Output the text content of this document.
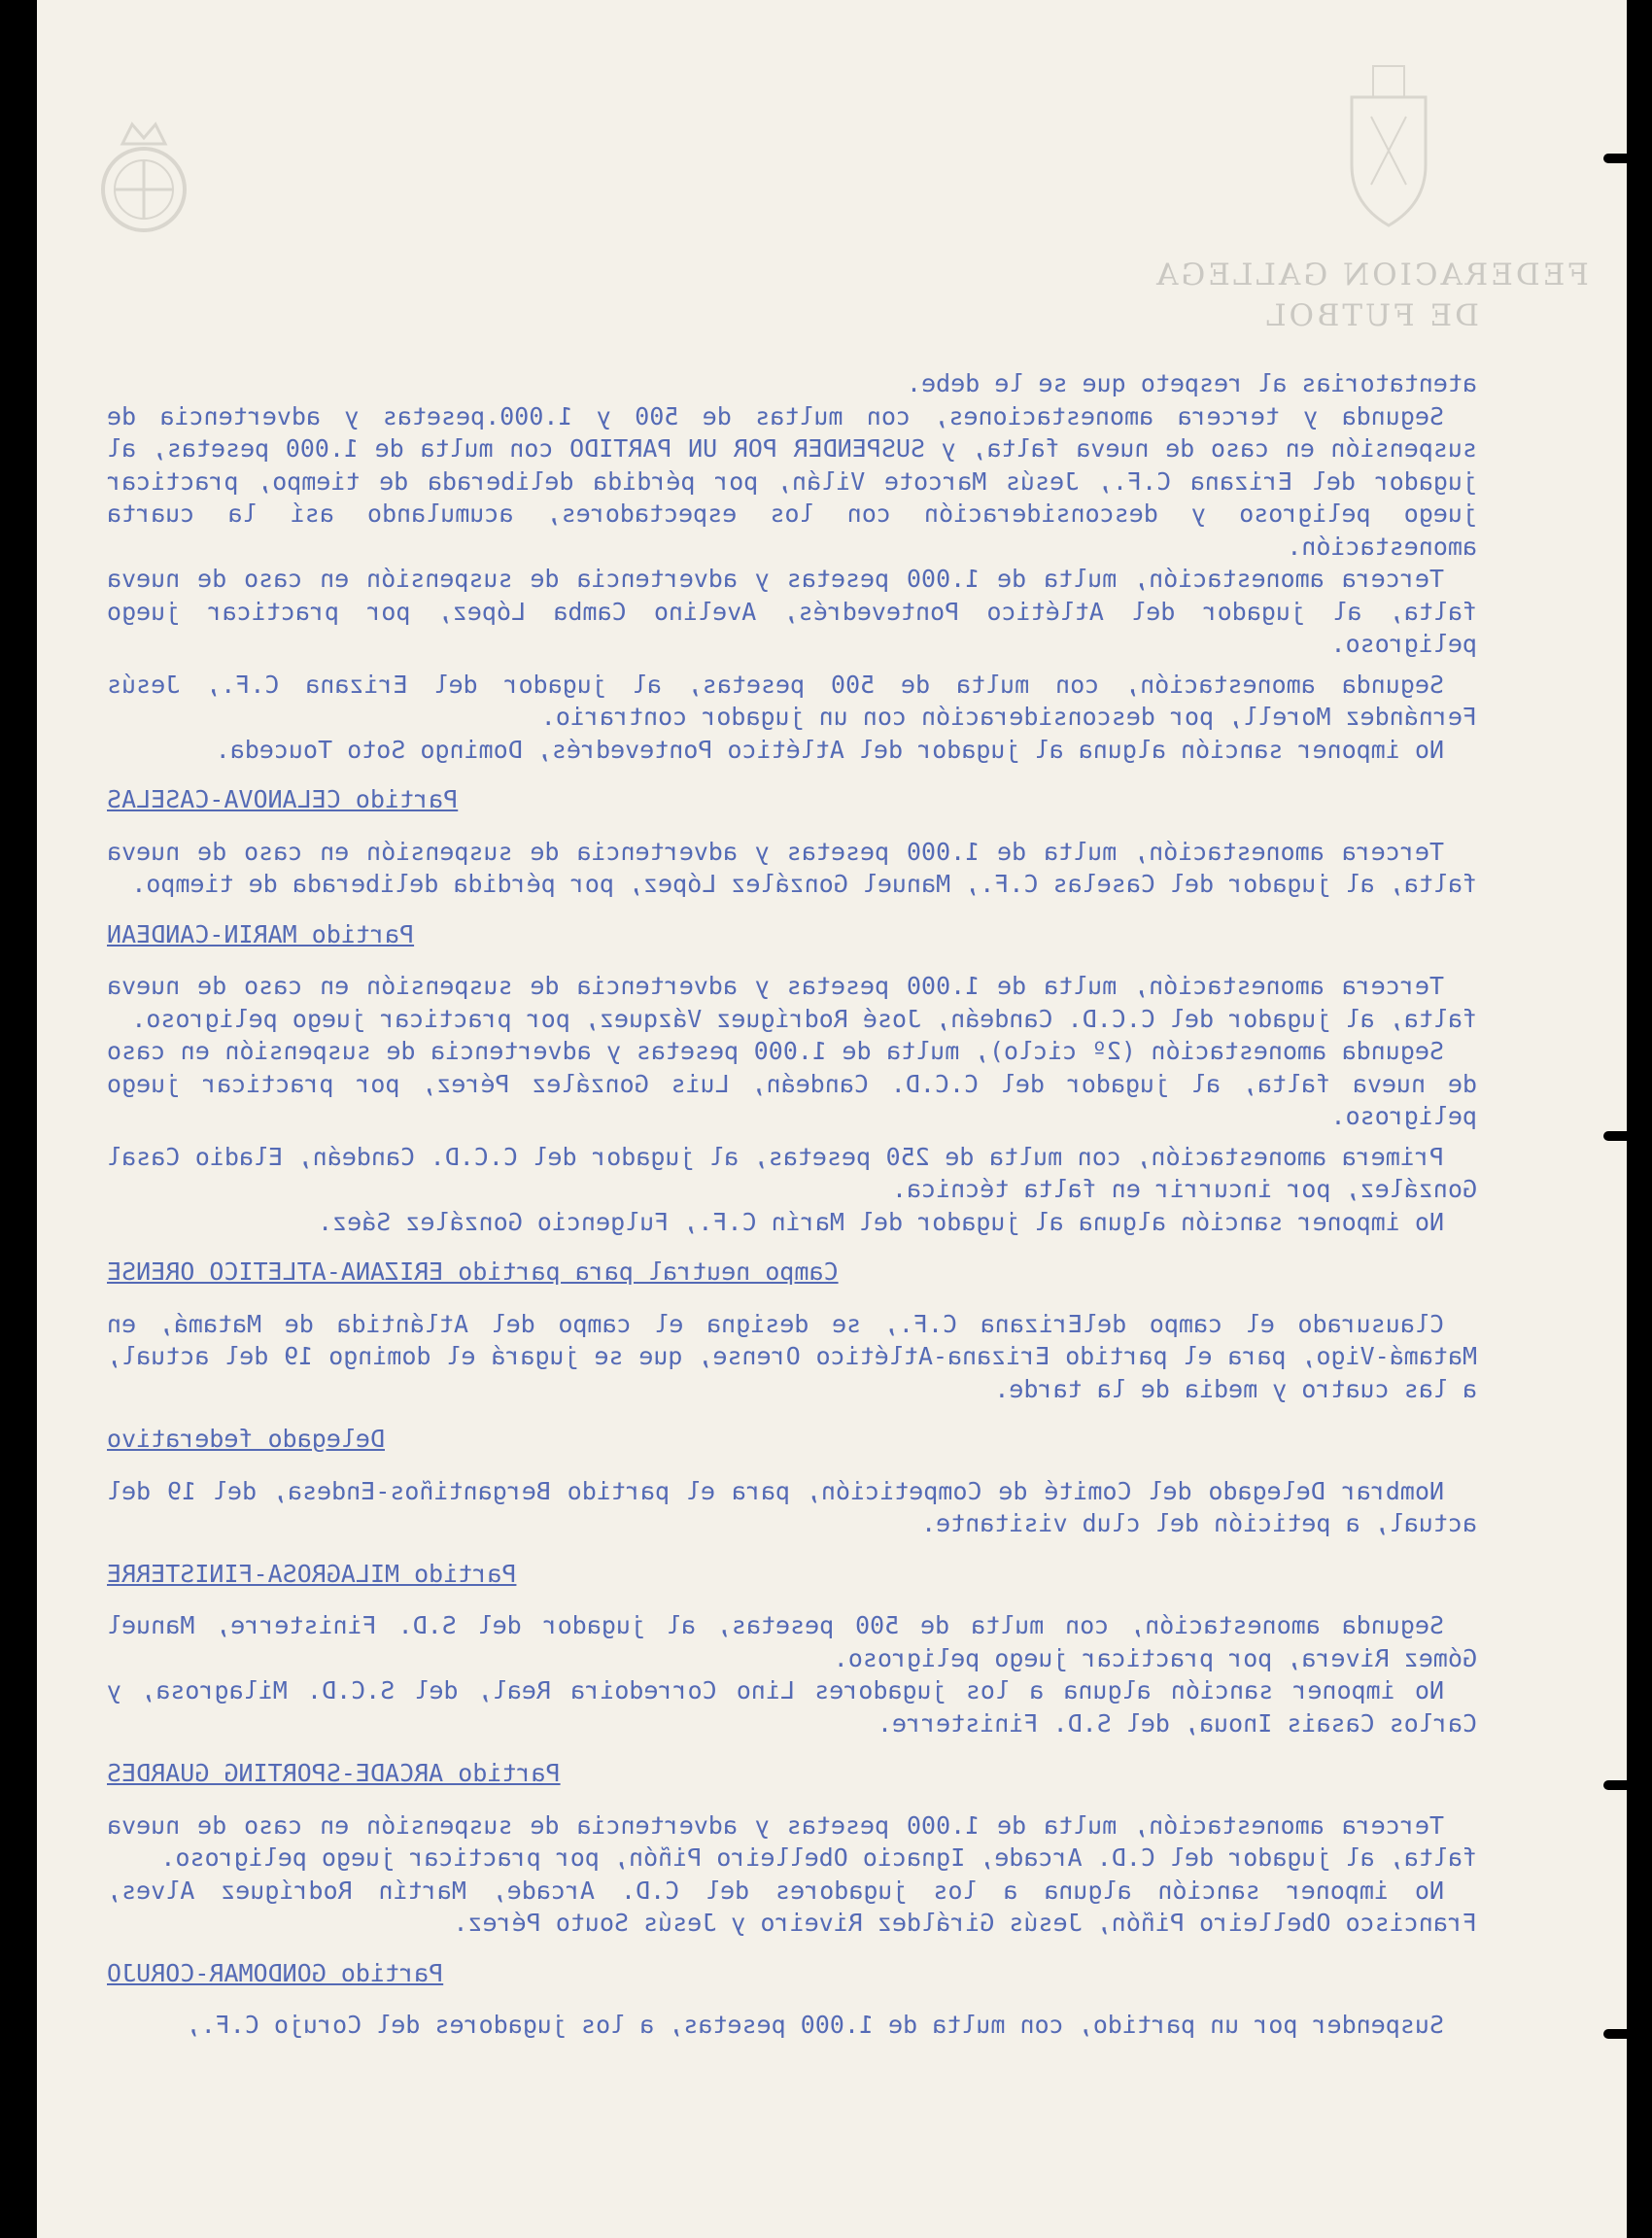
FEDERACION GALLEGA
DE FUTBOL

atentatorias al respeto que se le debe.

Segunda y tercera amonestaciones, con multas de 500 y 1.000.pesetas y advertencia de suspensión en caso de nueva falta, y SUSPENDER POR UN PARTIDO con multa de 1.000 pesetas, al jugador del Erizana C.F., Jesús Marcote Vilán, por pérdida deliberada de tiempo, practicar juego peligroso y desconsideración con los espectadores, acumulando así la cuarta amonestación.

Tercera amonestación, multa de 1.000 pesetas y advertencia de suspensión en caso de nueva falta, al jugador del Atlético Pontevedrés, Avelino Camba López, por practicar juego peligroso.

Segunda amonestación, con multa de 500 pesetas, al jugador del Erizana C.F., Jesús Fernández Morell, por desconsideración con un jugador contrario.

No imponer sanción alguna al jugador del Atlético Pontevedrés, Domingo Soto Touceda.

Partido CELANOVA-CASELAS

Tercera amonestación, multa de 1.000 pesetas y advertencia de suspensión en caso de nueva falta, al jugador del Caselas C.F., Manuel González López, por pérdida deliberada de tiempo.

Partido MARIN-CANDEAN

Tercera amonestación, multa de 1.000 pesetas y advertencia de suspensión en caso de nueva falta, al jugador del C.C.D. Candeán, José Rodríguez Vázquez, por practicar juego peligroso.

Segunda amonestación (2º ciclo), multa de 1.000 pesetas y advertencia de suspensión en caso de nueva falta, al jugador del C.C.D. Candeán, Luis González Pérez, por practicar juego peligroso.

Primera amonestación, con multa de 250 pesetas, al jugador del C.C.D. Candeán, Eladio Casal González, por incurrir en falta técnica.

No imponer sanción alguna al jugador del Marín C.F., Fulgencio González Sáez.

Campo neutral para partido ERIZANA-ATLETICO ORENSE

Clausurado el campo delErizana C.F., se designa el campo del Atlántida de Matamá, en Matamá-Vigo, para el partido Erizana-Atlético Orense, que se jugará el domingo 19 del actual, a las cuatro y media de la tarde.

Delegado federativo

Nombrar Delegado del Comité de Competición, para el partido Bergantiños-Endesa, del 19 del actual, a petición del club visitante.

Partido MILAGROSA-FINISTERRE

Segunda amonestación, con multa de 500 pesetas, al jugador del S.D. Finisterre, Manuel Gómez Rivera, por practicar juego peligroso.

No imponer sanción alguna a los jugadores Lino Corredoira Real, del S.C.D. Milagrosa, y Carlos Casais Inoua, del S.D. Finisterre.

Partido ARCADE-SPORTING GUARDES

Tercera amonestación, multa de 1.000 pesetas y advertencia de suspensión en caso de nueva falta, al jugador del C.D. Arcade, Ignacio Obelleiro Piñón, por practicar juego peligroso.

No imponer sanción alguna a los jugadores del C.D. Arcade, Martín Rodríguez Alves, Francisco Obelleiro Piñón, Jesús Giráldez Riveiro y Jesús Souto Pérez.

Partido GONDOMAR-CORUJO

Suspender por un partido, con multa de 1.000 pesetas, a los jugadores del Corujo C.F.,
